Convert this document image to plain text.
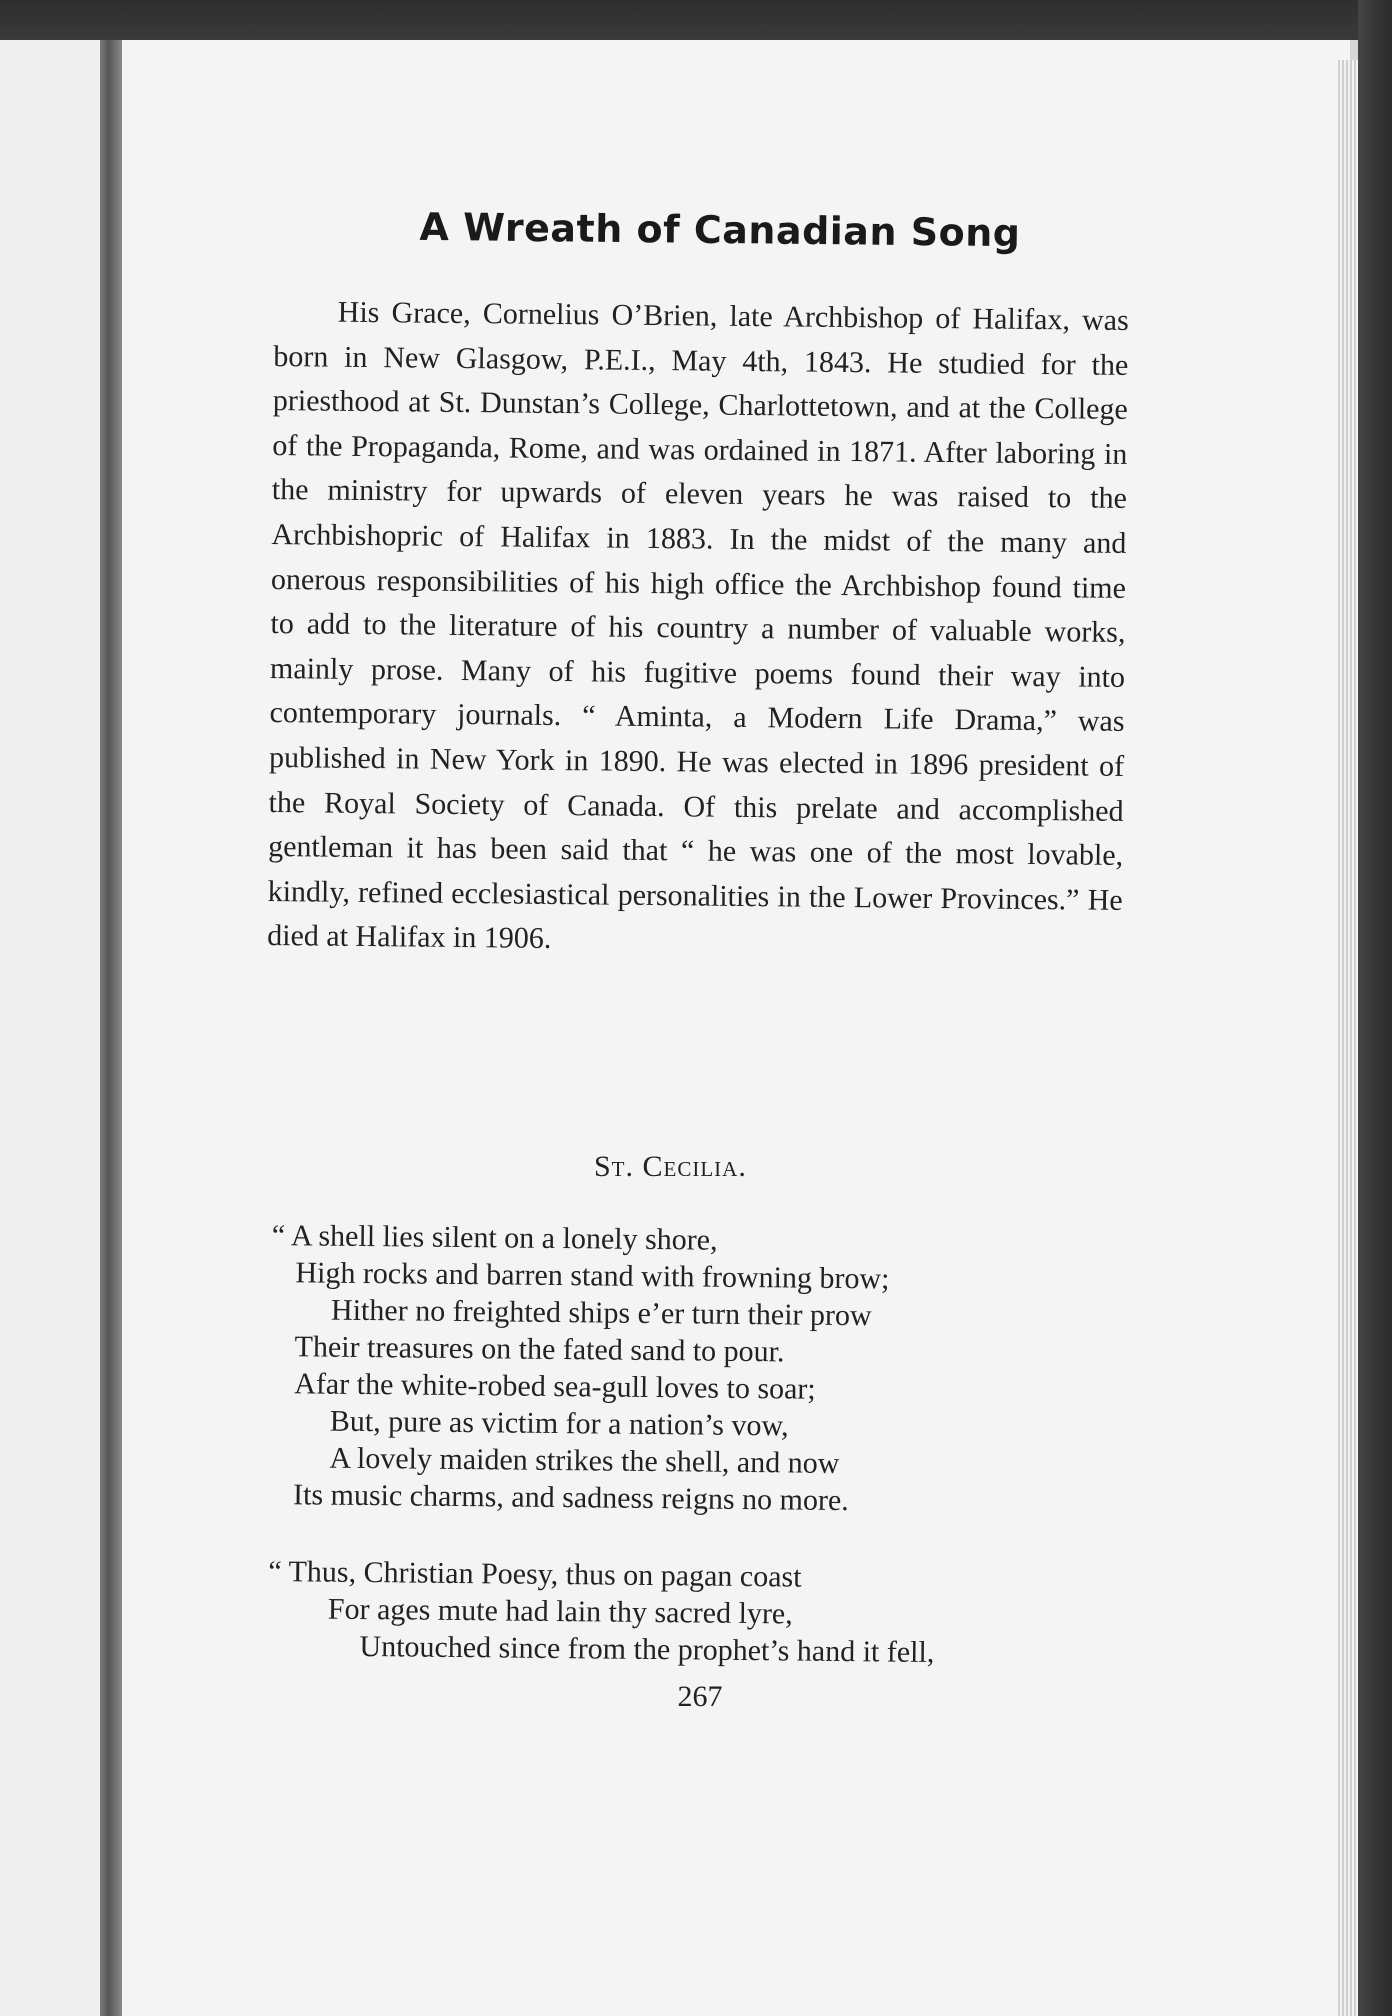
A Wreath of Canadian Song

His Grace, Cornelius O’Brien, late Archbishop of Halifax, was born in New Glasgow, P.E.I., May 4th, 1843. He studied for the priesthood at St. Dunstan’s College, Charlottetown, and at the College of the Propaganda, Rome, and was ordained in 1871. After laboring in the ministry for upwards of eleven years he was raised to the Archbishopric of Halifax in 1883. In the midst of the many and onerous responsibilities of his high office the Archbishop found time to add to the literature of his country a number of valuable works, mainly prose. Many of his fugitive poems found their way into contemporary journals. “ Aminta, a Modern Life Drama,” was published in New York in 1890. He was elected in 1896 president of the Royal Society of Canada. Of this prelate and accomplished gentleman it has been said that “ he was one of the most lovable, kindly, refined ecclesiastical personalities in the Lower Provinces.” He died at Halifax in 1906.

St. Cecilia.
“ A shell lies silent on a lonely shore,
High rocks and barren stand with frowning brow;
Hither no freighted ships e’er turn their prow
Their treasures on the fated sand to pour.
Afar the white-robed sea-gull loves to soar;
But, pure as victim for a nation’s vow,
A lovely maiden strikes the shell, and now
Its music charms, and sadness reigns no more.
“ Thus, Christian Poesy, thus on pagan coast
For ages mute had lain thy sacred lyre,
Untouched since from the prophet’s hand it fell,
267
